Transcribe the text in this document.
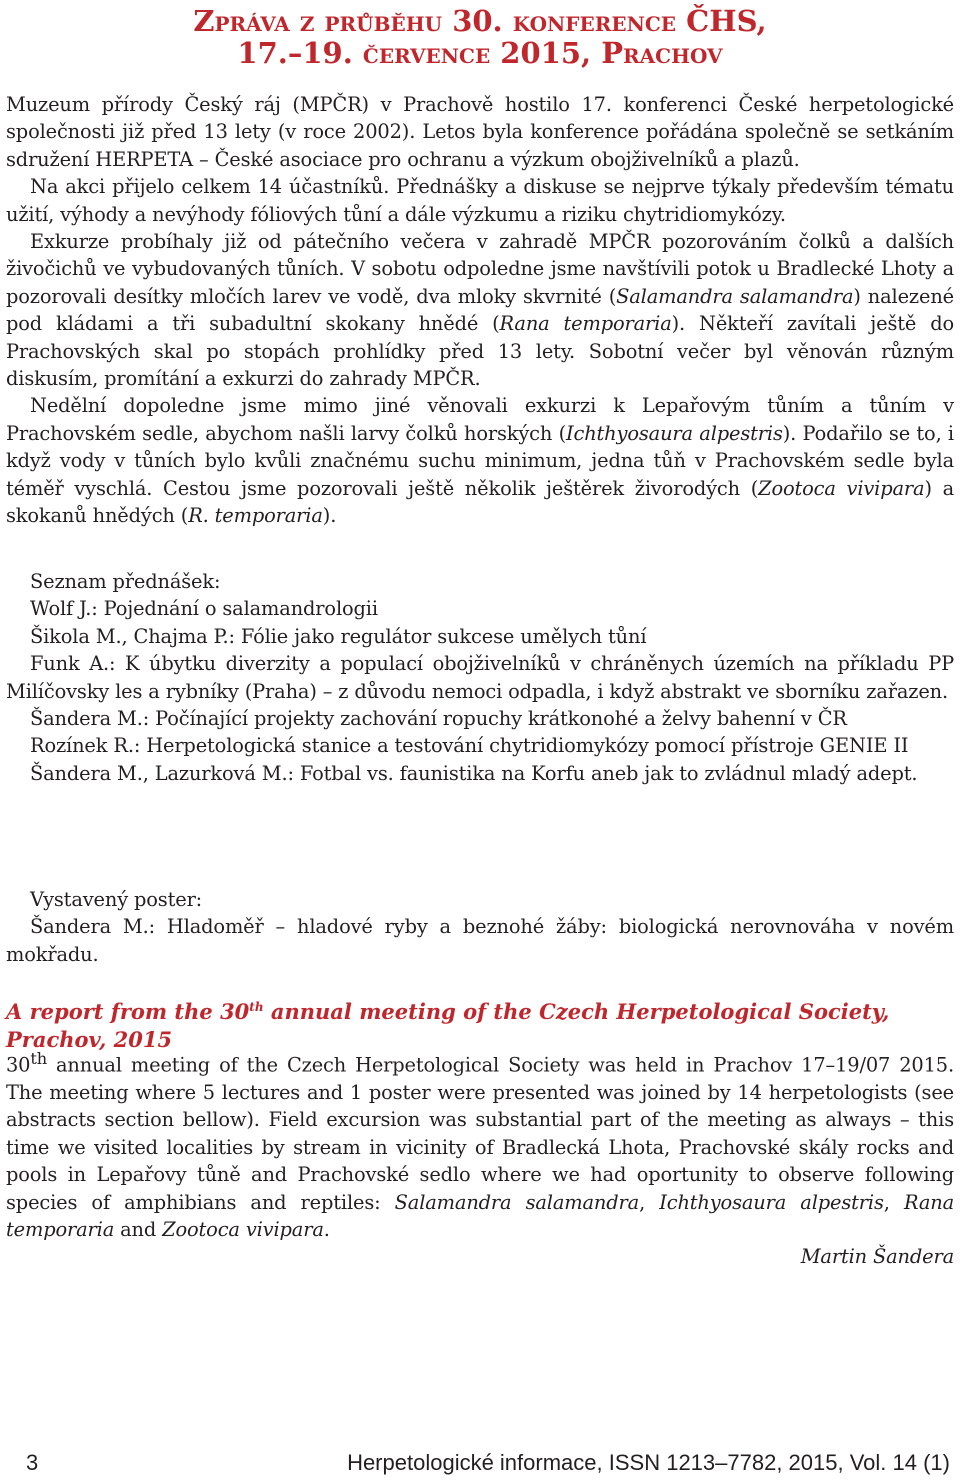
Zpráva z průběhu 30. konference ČHS,
17.–19. července 2015, Prachov

Muzeum přírody Český ráj (MPČR) v Prachově hostilo 17. konferenci České herpetologické společnosti již před 13 lety (v roce 2002). Letos byla konference pořádána společně se setkáním sdružení HERPETA – České asociace pro ochranu a výzkum obojživelníků a plazů.

Na akci přijelo celkem 14 účastníků. Přednášky a diskuse se nejprve týkaly především tématu užití, výhody a nevýhody fóliových tůní a dále výzkumu a riziku chytridiomykózy.

Exkurze probíhaly již od pátečního večera v zahradě MPČR pozorováním čolků a dalších živočichů ve vybudovaných tůních. V sobotu odpoledne jsme navštívili potok u Bradlecké Lhoty a pozorovali desítky mločích larev ve vodě, dva mloky skvrnité (Salamandra salamandra) nalezené pod kládami a tři subadultní skokany hnědé (Rana temporaria). Někteří zavítali ještě do Prachovských skal po stopách prohlídky před 13 lety. Sobotní večer byl věnován různým diskusím, promítání a exkurzi do zahrady MPČR.

Nedělní dopoledne jsme mimo jiné věnovali exkurzi k Lepařovým tůním a tůním v Prachovském sedle, abychom našli larvy čolků horských (Ichthyosaura alpestris). Podařilo se to, i když vody v tůních bylo kvůli značnému suchu minimum, jedna tůň v Prachovském sedle byla téměř vyschlá. Cestou jsme pozorovali ještě několik ještěrek živorodých (Zootoca vivipara) a skokanů hnědých (R. temporaria).

Seznam přednášek:

Wolf J.: Pojednání o salamandrologii

Šikola M., Chajma P.: Fólie jako regulátor sukcese umělych tůní

Funk A.: K úbytku diverzity a populací obojživelníků v chráněnych územích na příkladu PP Milíčovsky les a rybníky (Praha) – z důvodu nemoci odpadla, i když abstrakt ve sborníku zařazen.

Šandera M.: Počínající projekty zachování ropuchy krátkonohé a želvy bahenní v ČR

Rozínek R.: Herpetologická stanice a testování chytridiomykózy pomocí přístroje GENIE II

Šandera M., Lazurková M.: Fotbal vs. faunistika na Korfu aneb jak to zvládnul mladý adept.

Vystavený poster:

Šandera M.: Hladoměř – hladové ryby a beznohé žáby: biologická nerovnováha v novém mokřadu.

A report from the 30th annual meeting of the Czech Herpetological Society, Prachov, 2015

30th annual meeting of the Czech Herpetological Society was held in Prachov 17–19/07 2015. The meeting where 5 lectures and 1 poster were presented was joined by 14 herpetologists (see abstracts section bellow). Field excursion was substantial part of the meeting as always – this time we visited localities by stream in vicinity of Bradlecká Lhota, Prachovské skály rocks and pools in Lepařovy tůně and Prachovské sedlo where we had oportunity to observe following species of amphibians and reptiles: Salamandra salamandra, Ichthyosaura alpestris, Rana temporaria and Zootoca vivipara.

Martin Šandera

3	Herpetologické informace, ISSN 1213–7782, 2015, Vol. 14 (1)
